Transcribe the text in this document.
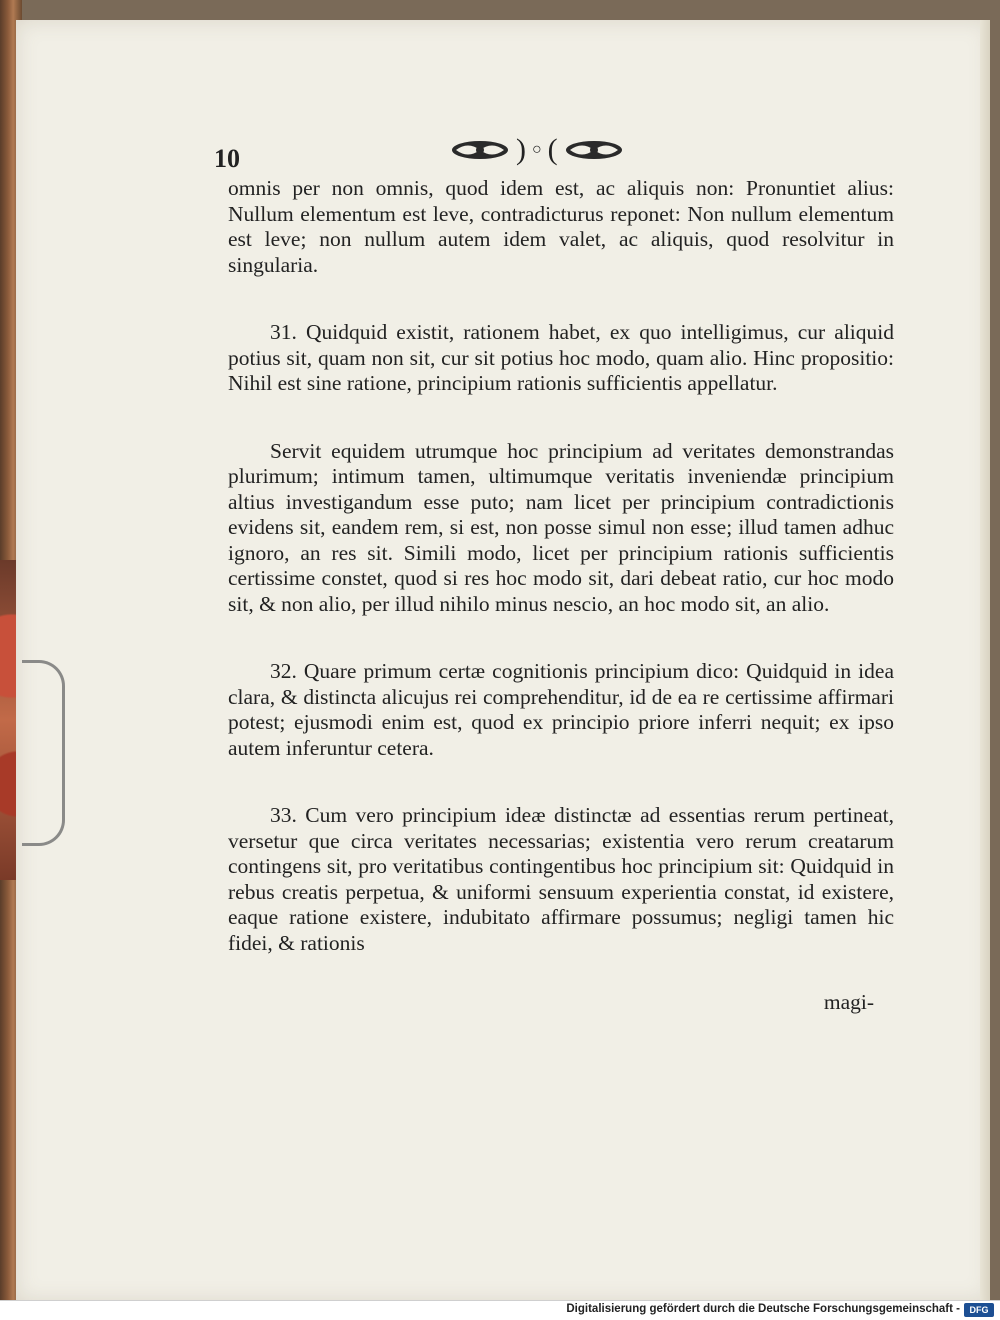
10	) ○ (

omnis per non omnis, quod idem est, ac aliquis non: Pronuntiet alius: Nullum elementum est leve, contradicturus reponet: Non nullum elementum est leve; non nullum autem idem valet, ac aliquis, quod resolvitur in singularia.

31. Quidquid existit, rationem habet, ex quo intelligimus, cur aliquid potius sit, quam non sit, cur sit potius hoc modo, quam alio. Hinc propositio: Nihil est sine ratione, principium rationis sufficientis appellatur.

Servit equidem utrumque hoc principium ad veritates demonstrandas plurimum; intimum tamen, ultimumque veritatis inveniendæ principium altius investigandum esse puto; nam licet per principium contradictionis evidens sit, eandem rem, si est, non posse simul non esse; illud tamen adhuc ignoro, an res sit. Simili modo, licet per principium rationis sufficientis certissime constet, quod si res hoc modo sit, dari debeat ratio, cur hoc modo sit, & non alio, per illud nihilo minus nescio, an hoc modo sit, an alio.

32. Quare primum certæ cognitionis principium dico: Quidquid in idea clara, & distincta alicujus rei comprehenditur, id de ea re certissime affirmari potest; ejusmodi enim est, quod ex principio priore inferri nequit; ex ipso autem inferuntur cetera.

33. Cum vero principium ideæ distinctæ ad essentias rerum pertineat, versetur que circa veritates necessarias; existentia vero rerum creatarum contingens sit, pro veritatibus contingentibus hoc principium sit: Quidquid in rebus creatis perpetua, & uniformi sensuum experientia constat, id existere, eaque ratione existere, indubitato affirmare possumus; negligi tamen hic fidei, & rationis

magi-
Digitalisierung gefördert durch die Deutsche Forschungsgemeinschaft -	DFG
